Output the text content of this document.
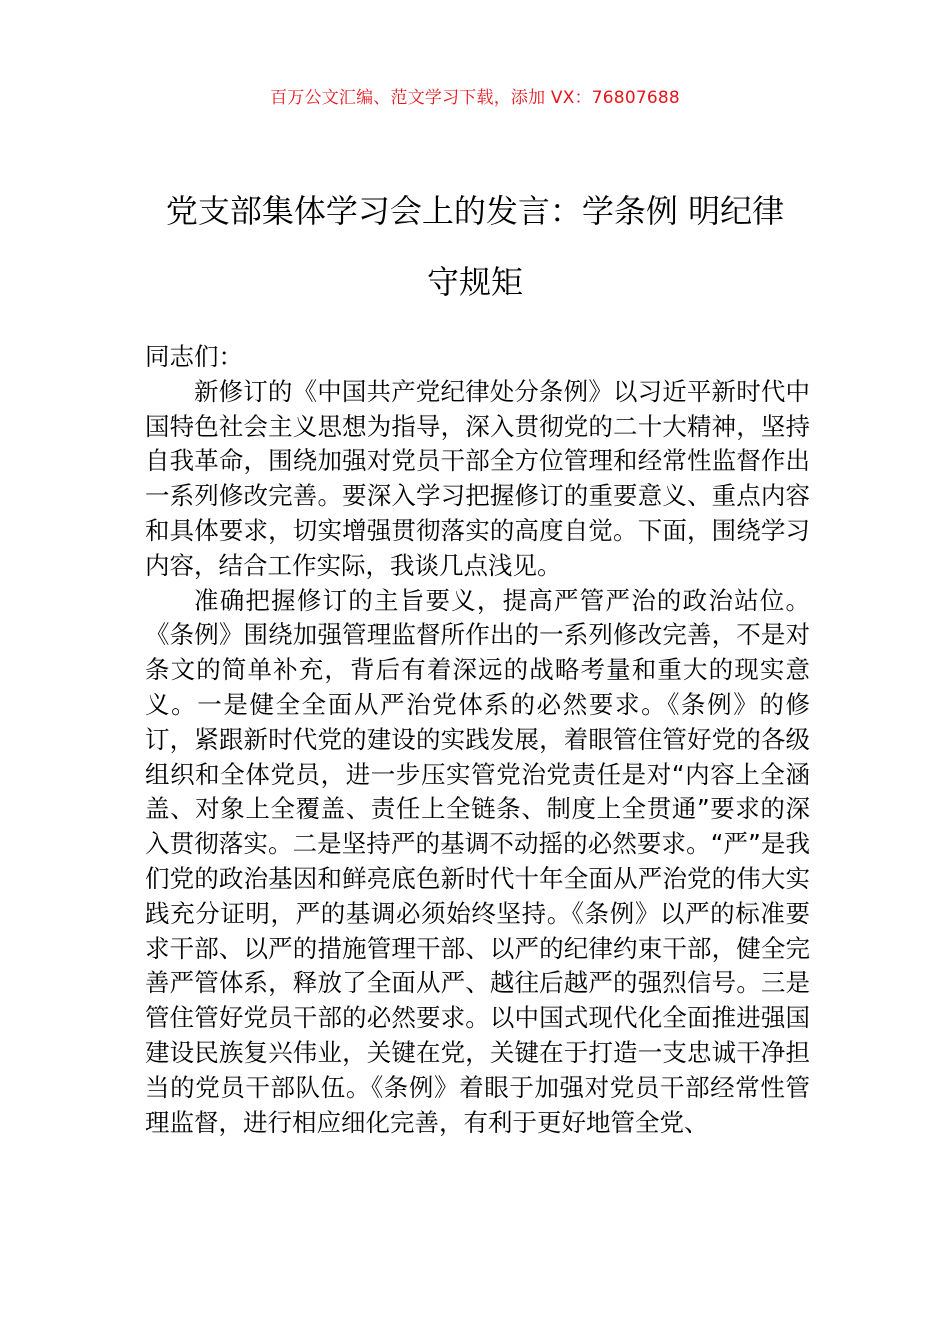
百万公文汇编、范文学习下载，添加 VX：76807688
党支部集体学习会上的发言：学条例 明纪律 守规矩

同志们：

新修订的《中国共产党纪律处分条例》以习近平新时代中国特色社会主义思想为指导，深入贯彻党的二十大精神，坚持自我革命，围绕加强对党员干部全方位管理和经常性监督作出一系列修改完善。要深入学习把握修订的重要意义、重点内容和具体要求，切实增强贯彻落实的高度自觉。下面，围绕学习内容，结合工作实际，我谈几点浅见。

准确把握修订的主旨要义，提高严管严治的政治站位。《条例》围绕加强管理监督所作出的一系列修改完善，不是对条文的简单补充，背后有着深远的战略考量和重大的现实意义。一是健全全面从严治党体系的必然要求。《条例》的修订，紧跟新时代党的建设的实践发展，着眼管住管好党的各级组织和全体党员，进一步压实管党治党责任是对“内容上全涵盖、对象上全覆盖、责任上全链条、制度上全贯通”要求的深入贯彻落实。二是坚持严的基调不动摇的必然要求。“严”是我们党的政治基因和鲜亮底色新时代十年全面从严治党的伟大实践充分证明，严的基调必须始终坚持。《条例》以严的标准要求干部、以严的措施管理干部、以严的纪律约束干部，健全完善严管体系，释放了全面从严、越往后越严的强烈信号。三是管住管好党员干部的必然要求。以中国式现代化全面推进强国建设民族复兴伟业，关键在党，关键在于打造一支忠诚干净担当的党员干部队伍。《条例》着眼于加强对党员干部经常性管理监督，进行相应细化完善，有利于更好地管全党、
